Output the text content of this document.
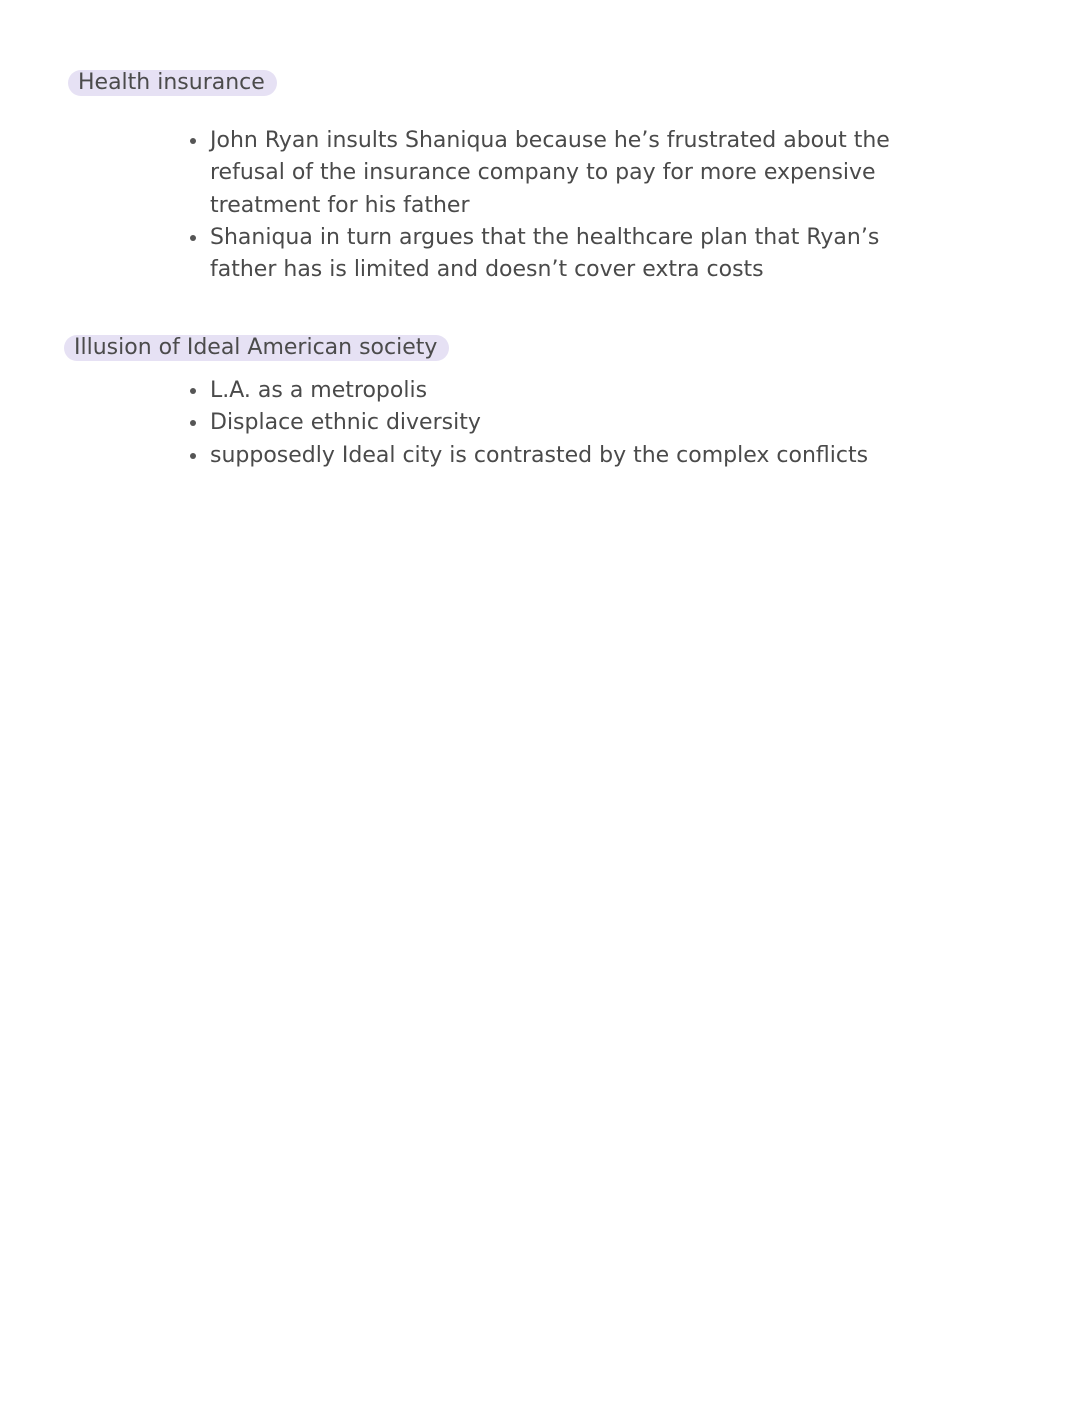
Health insurance
John Ryan insults Shaniqua because he’s frustrated about the refusal of the insurance company to pay for more expensive treatment for his father
Shaniqua in turn argues that the healthcare plan that Ryan’s father has is limited and doesn’t cover extra costs
Illusion of Ideal American society
L.A. as a metropolis
Displace ethnic diversity
supposedly Ideal city is contrasted by the complex conflicts
